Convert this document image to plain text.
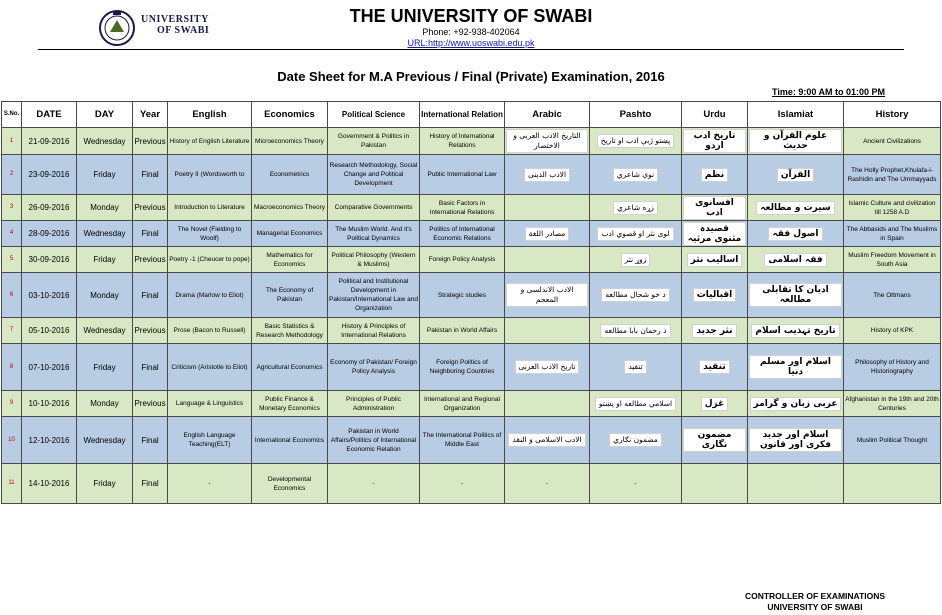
UNIVERSITY
OF SWABI
THE UNIVERSITY OF SWABI
Phone: +92-938-402064
URL:http://www.uoswabi.edu.pk
Date Sheet for M.A Previous / Final (Private) Examination, 2016
Time: 9:00 AM to 01:00 PM
S.No.	DATE	DAY	Year	English	Economics	Political Science	International Relation	Arabic	Pashto	Urdu	Islamiat	History
1	21-09-2016	Wednesday	Previous	History of English Literature	Microeconomics Theory	Government & Politics in Pakistan	History of International Relations	التاریخ الادب العربی و الاختصار	پښتو ژبې ادب او تاریخ	تاریخ ادب اردو	علوم القرآن و حدیث	Ancient Civilizations
2	23-09-2016	Friday	Final	Poetry II (Wordsworth to	Econometrics	Research Methodology, Social Change and Political Development	Public International Law	الادب الدینی	نوې شاعري	نظم	القرآن	The Holly Prophet,Khulafa-i-Rashidin and The Ummayyads
3	26-09-2016	Monday	Previous	Introduction to Literature	Macroeconomics Theory	Comparative Governments	Basic Factors in International Relations		زړه شاعري	افسانوی ادب	سیرت و مطالعہ	Islamic Culture and civilization till 1258 A.D
4	28-09-2016	Wednesday	Final	The Novel (Fielding to Woolf)	Managerial Economics	The Muslim World. And it's Political Dynamics	Politics of International Economic Relations	مصادر اللغة	لوی نثر او قصوي ادب	قصیدہ مثنوی مرثیہ	اصول فقہ	The Abbasids and The Muslims in Spain
5	30-09-2016	Friday	Previous	Poetry -1 (Cheucer to pope)	Mathematics for Economics	Political Philosophy (Western & Muslims)	Foreign Policy Analysis		زوړ نثر	اسالیب نثر	فقہ اسلامی	Muslim Freedom Movement in South Asia
6	03-10-2016	Monday	Final	Drama (Marlow to Eliot)	The Economy of Pakistan	Political and Institutional Development in Pakistan/International Law and Organization	Strategic studies	الادب الاندلسی و المعجم	د خو شحال مطالعه	اقبالیات	ادیان کا تقابلی مطالعہ	The Ottmans
7	05-10-2016	Wednesday	Previous	Prose (Bacon to Russell)	Basic Statistics & Research Methodology	History & Principles of International Relations	Pakistan in World Affairs		د رحمان بابا مطالعه	نثر جدید	تاریخ تہذیب اسلام	History of KPK
8	07-10-2016	Friday	Final	Criticism (Aristotle to Eliot)	Agricultural Economics	Economy of Pakistan/ Foreign Policy Analysis	Foreign Politics of Neighboring Countries	تاریخ الادب العربی	تنقید	تنقید	اسلام اور مسلم دنیا	Philosophy of History and Historiography
9	10-10-2016	Monday	Previous	Language & Linguistics	Public Finance & Monetary Economics	Principles of Public Administration	International and Regional Organization		اسلامي مطالعه او پښتو	غزل	عربی زبان و گرامر	Afghanistan in the 19th and 20th Centuries
10	12-10-2016	Wednesday	Final	English Language Teaching(ELT)	International Economics	Pakistan in World Affairs/Politics of International Economic Relation	The International Politics of Middle East	الادب الاسلامی و النقد	مضمون نګاري	مضمون نگاری	اسلام اور جدید فکری اور قانون	Muslim Political Thought
11	14-10-2016	Friday	Final	-	Developmental Economics	-	-	-	-			
CONTROLLER OF EXAMINATIONS
UNIVERSITY OF SWABI
